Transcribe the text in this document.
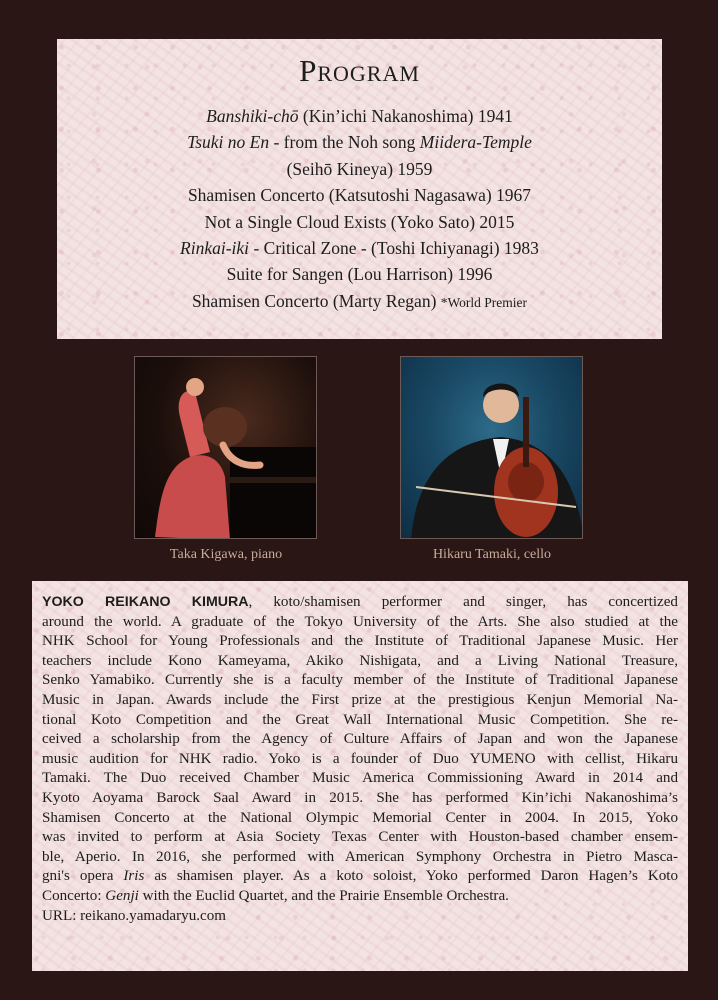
Program
Banshiki-chō (Kin’ichi Nakanoshima) 1941
Tsuki no En - from the Noh song Miidera-Temple
(Seihō Kineya) 1959
Shamisen Concerto (Katsutoshi Nagasawa) 1967
Not a Single Cloud Exists (Yoko Sato) 2015
Rinkai-iki - Critical Zone - (Toshi Ichiyanagi) 1983
Suite for Sangen (Lou Harrison) 1996
Shamisen Concerto (Marty Regan) *World Premier
Taka Kigawa, piano	Hikaru Tamaki, cello
YOKO REIKANO KIMURA, koto/shamisen performer and singer, has concertized
around the world. A graduate of the Tokyo University of the Arts. She also studied at the
NHK School for Young Professionals and the Institute of Traditional Japanese Music. Her
teachers include Kono Kameyama, Akiko Nishigata, and a Living National Treasure,
Senko Yamabiko. Currently she is a faculty member of the Institute of Traditional Japanese
Music in Japan. Awards include the First prize at the prestigious Kenjun Memorial Na-
tional Koto Competition and the Great Wall International Music Competition. She re-
ceived a scholarship from the Agency of Culture Affairs of Japan and won the Japanese
music audition for NHK radio. Yoko is a founder of Duo YUMENO with cellist, Hikaru
Tamaki. The Duo received Chamber Music America Commissioning Award in 2014 and
Kyoto Aoyama Barock Saal Award in 2015. She has performed Kin’ichi Nakanoshima’s
Shamisen Concerto at the National Olympic Memorial Center in 2004. In 2015, Yoko
was invited to perform at Asia Society Texas Center with Houston-based chamber ensem-
ble, Aperio. In 2016, she performed with American Symphony Orchestra in Pietro Masca-
gni's opera Iris as shamisen player. As a koto soloist, Yoko performed Daron Hagen’s Koto
Concerto: Genji with the Euclid Quartet, and the Prairie Ensemble Orchestra.
URL: reikano.yamadaryu.com
